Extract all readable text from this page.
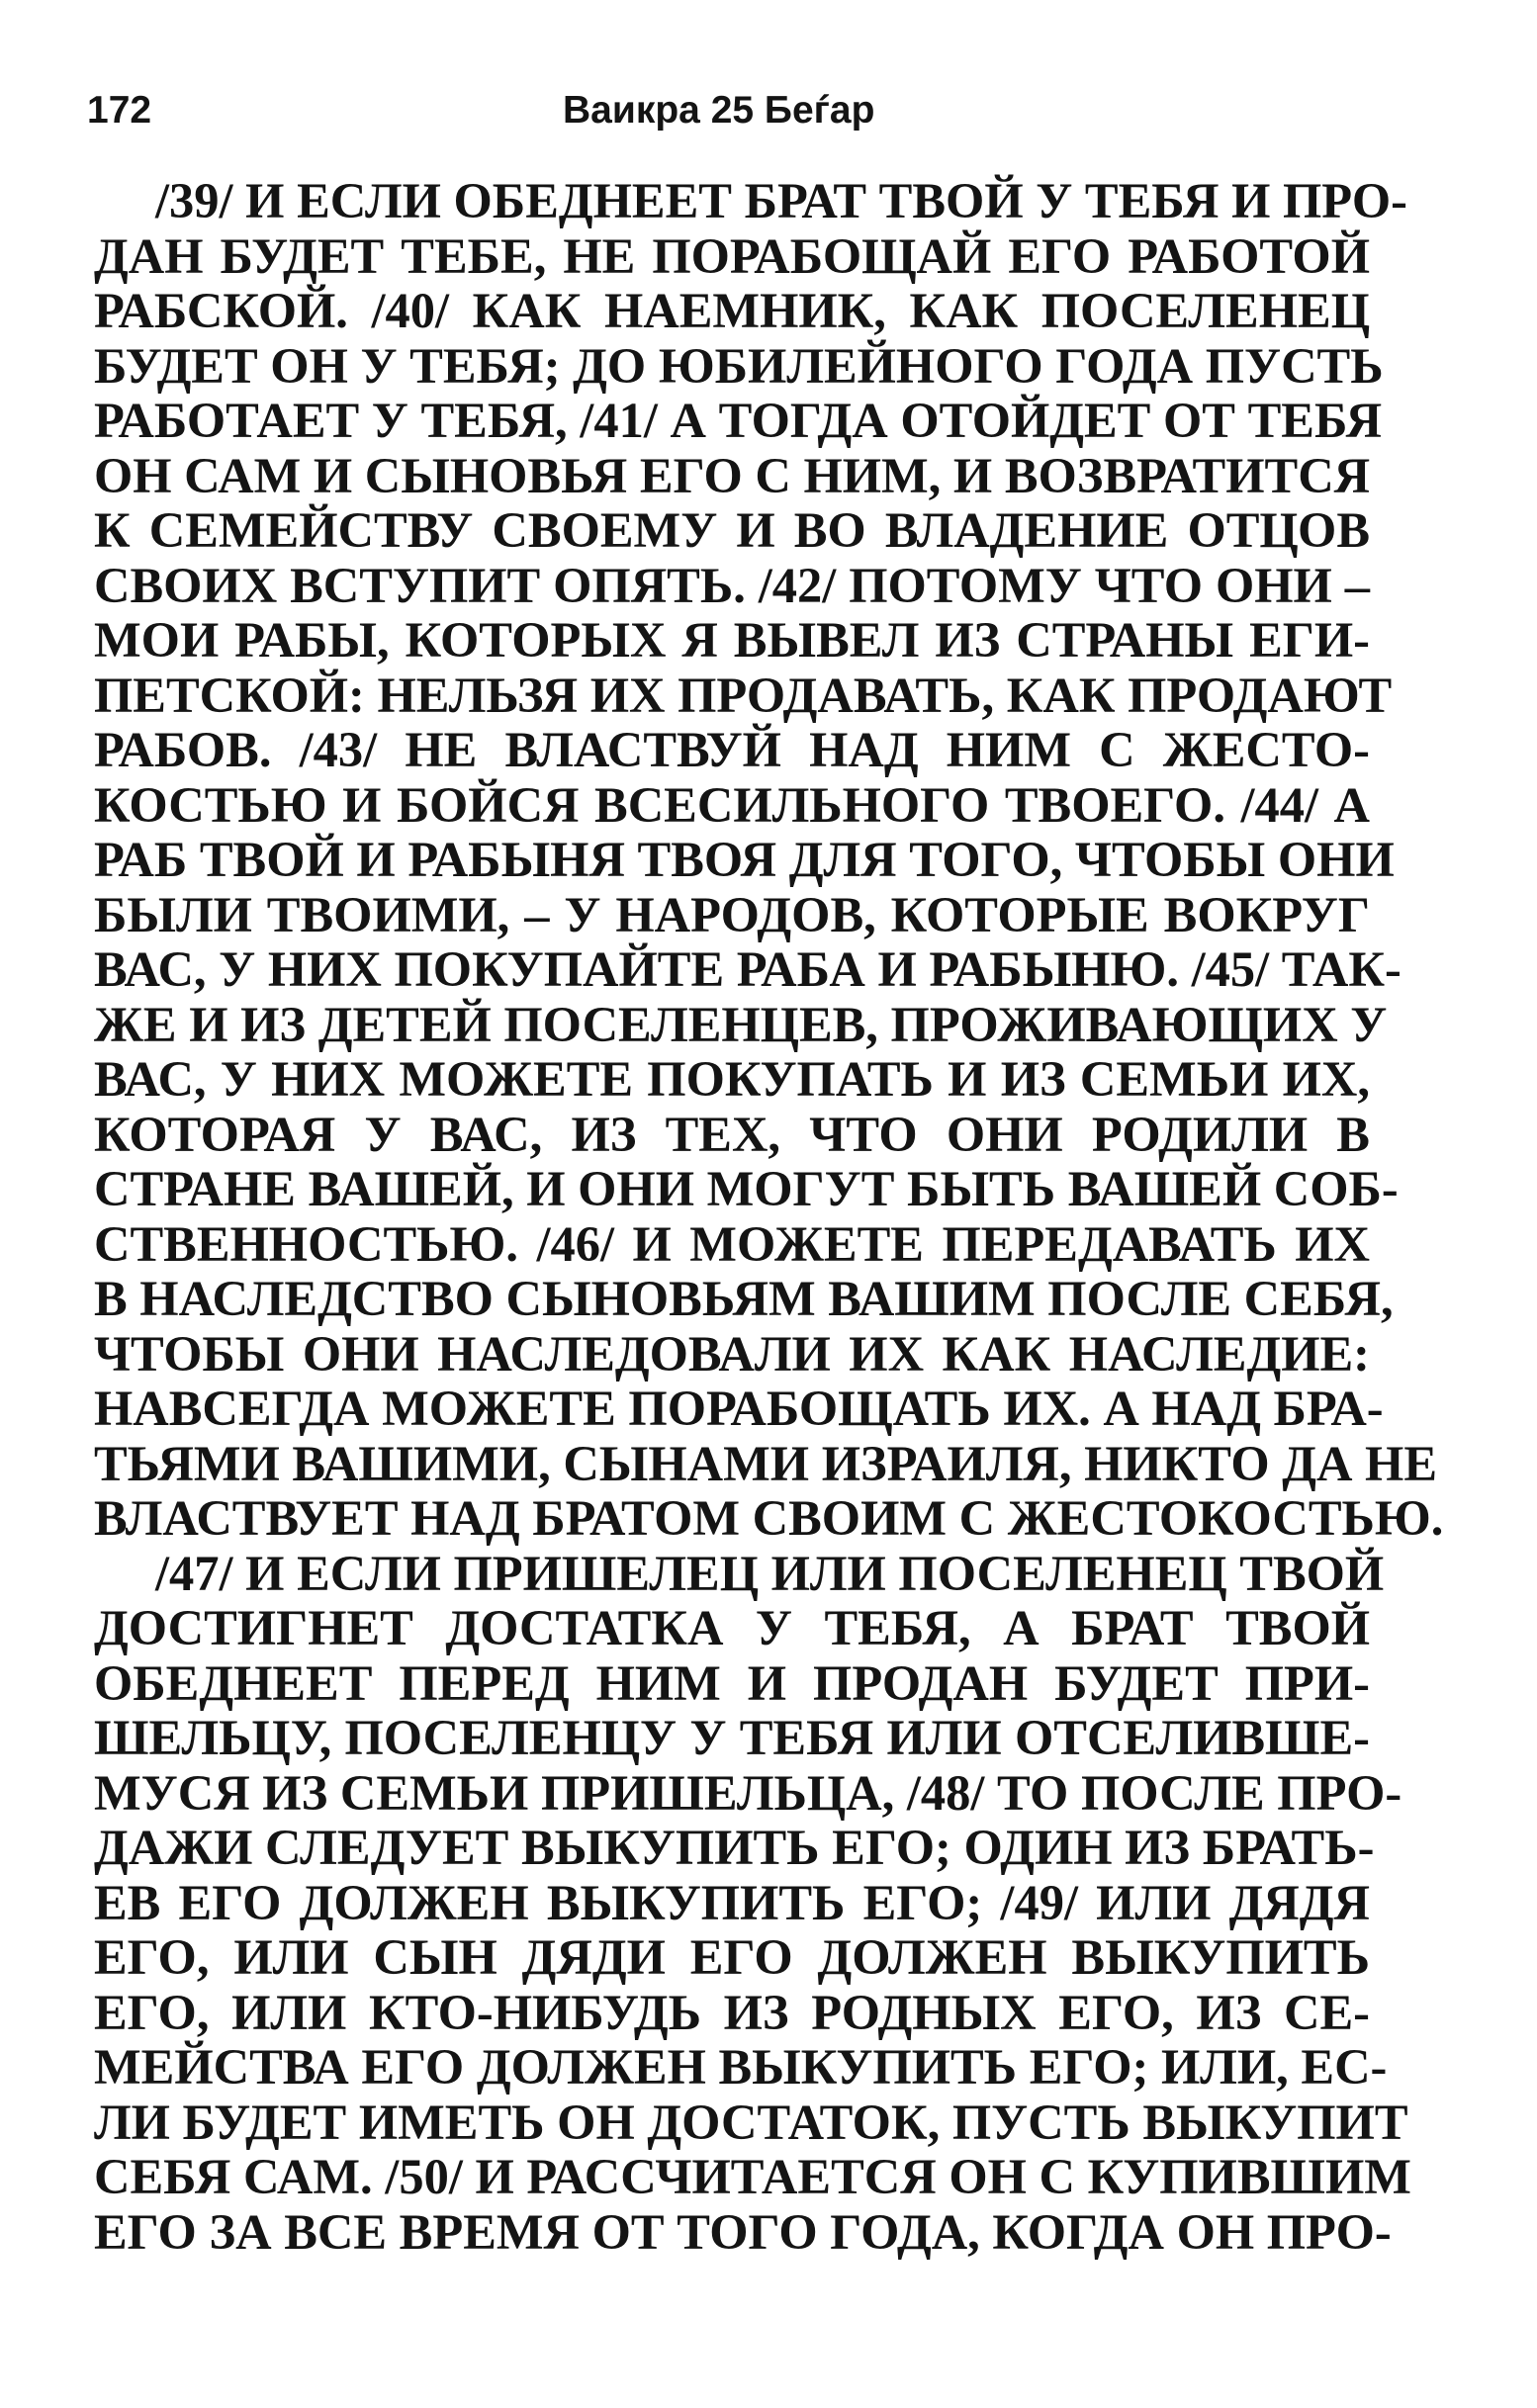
172	Ваикра 25 Беѓар
/39/ И ЕСЛИ ОБЕДНЕЕТ БРАТ ТВОЙ У ТЕБЯ И ПРО-
ДАН БУДЕТ ТЕБЕ, НЕ ПОРАБОЩАЙ ЕГО РАБОТОЙ
РАБСКОЙ. /40/ КАК НАЕМНИК, КАК ПОСЕЛЕНЕЦ
БУДЕТ ОН У ТЕБЯ; ДО ЮБИЛЕЙНОГО ГОДА ПУСТЬ
РАБОТАЕТ У ТЕБЯ, /41/ А ТОГДА ОТОЙДЕТ ОТ ТЕБЯ
ОН САМ И СЫНОВЬЯ ЕГО С НИМ, И ВОЗВРАТИТСЯ
К СЕМЕЙСТВУ СВОЕМУ И ВО ВЛАДЕНИЕ ОТЦОВ
СВОИХ ВСТУПИТ ОПЯТЬ. /42/ ПОТОМУ ЧТО ОНИ –
МОИ РАБЫ, КОТОРЫХ Я ВЫВЕЛ ИЗ СТРАНЫ ЕГИ-
ПЕТСКОЙ: НЕЛЬЗЯ ИХ ПРОДАВАТЬ, КАК ПРОДАЮТ
РАБОВ. /43/ НЕ ВЛАСТВУЙ НАД НИМ С ЖЕСТО-
КОСТЬЮ И БОЙСЯ ВСЕСИЛЬНОГО ТВОЕГО. /44/ А
РАБ ТВОЙ И РАБЫНЯ ТВОЯ ДЛЯ ТОГО, ЧТОБЫ ОНИ
БЫЛИ ТВОИМИ, – У НАРОДОВ, КОТОРЫЕ ВОКРУГ
ВАС, У НИХ ПОКУПАЙТЕ РАБА И РАБЫНЮ. /45/ ТАК-
ЖЕ И ИЗ ДЕТЕЙ ПОСЕЛЕНЦЕВ, ПРОЖИВАЮЩИХ У
ВАС, У НИХ МОЖЕТЕ ПОКУПАТЬ И ИЗ СЕМЬИ ИХ,
КОТОРАЯ У ВАС, ИЗ ТЕХ, ЧТО ОНИ РОДИЛИ В
СТРАНЕ ВАШЕЙ, И ОНИ МОГУТ БЫТЬ ВАШЕЙ СОБ-
СТВЕННОСТЬЮ. /46/ И МОЖЕТЕ ПЕРЕДАВАТЬ ИХ
В НАСЛЕДСТВО СЫНОВЬЯМ ВАШИМ ПОСЛЕ СЕБЯ,
ЧТОБЫ ОНИ НАСЛЕДОВАЛИ ИХ КАК НАСЛЕДИЕ:
НАВСЕГДА МОЖЕТЕ ПОРАБОЩАТЬ ИХ. А НАД БРА-
ТЬЯМИ ВАШИМИ, СЫНАМИ ИЗРАИЛЯ, НИКТО ДА НЕ
ВЛАСТВУЕТ НАД БРАТОМ СВОИМ С ЖЕСТОКОСТЬЮ.
/47/ И ЕСЛИ ПРИШЕЛЕЦ ИЛИ ПОСЕЛЕНЕЦ ТВОЙ
ДОСТИГНЕТ ДОСТАТКА У ТЕБЯ, А БРАТ ТВОЙ
ОБЕДНЕЕТ ПЕРЕД НИМ И ПРОДАН БУДЕТ ПРИ-
ШЕЛЬЦУ, ПОСЕЛЕНЦУ У ТЕБЯ ИЛИ ОТСЕЛИВШЕ-
МУСЯ ИЗ СЕМЬИ ПРИШЕЛЬЦА, /48/ ТО ПОСЛЕ ПРО-
ДАЖИ СЛЕДУЕТ ВЫКУПИТЬ ЕГО; ОДИН ИЗ БРАТЬ-
ЕВ ЕГО ДОЛЖЕН ВЫКУПИТЬ ЕГО; /49/ ИЛИ ДЯДЯ
ЕГО, ИЛИ СЫН ДЯДИ ЕГО ДОЛЖЕН ВЫКУПИТЬ
ЕГО, ИЛИ КТО-НИБУДЬ ИЗ РОДНЫХ ЕГО, ИЗ СЕ-
МЕЙСТВА ЕГО ДОЛЖЕН ВЫКУПИТЬ ЕГО; ИЛИ, ЕС-
ЛИ БУДЕТ ИМЕТЬ ОН ДОСТАТОК, ПУСТЬ ВЫКУПИТ
СЕБЯ САМ. /50/ И РАССЧИТАЕТСЯ ОН С КУПИВШИМ
ЕГО ЗА ВСЕ ВРЕМЯ ОТ ТОГО ГОДА, КОГДА ОН ПРО-
